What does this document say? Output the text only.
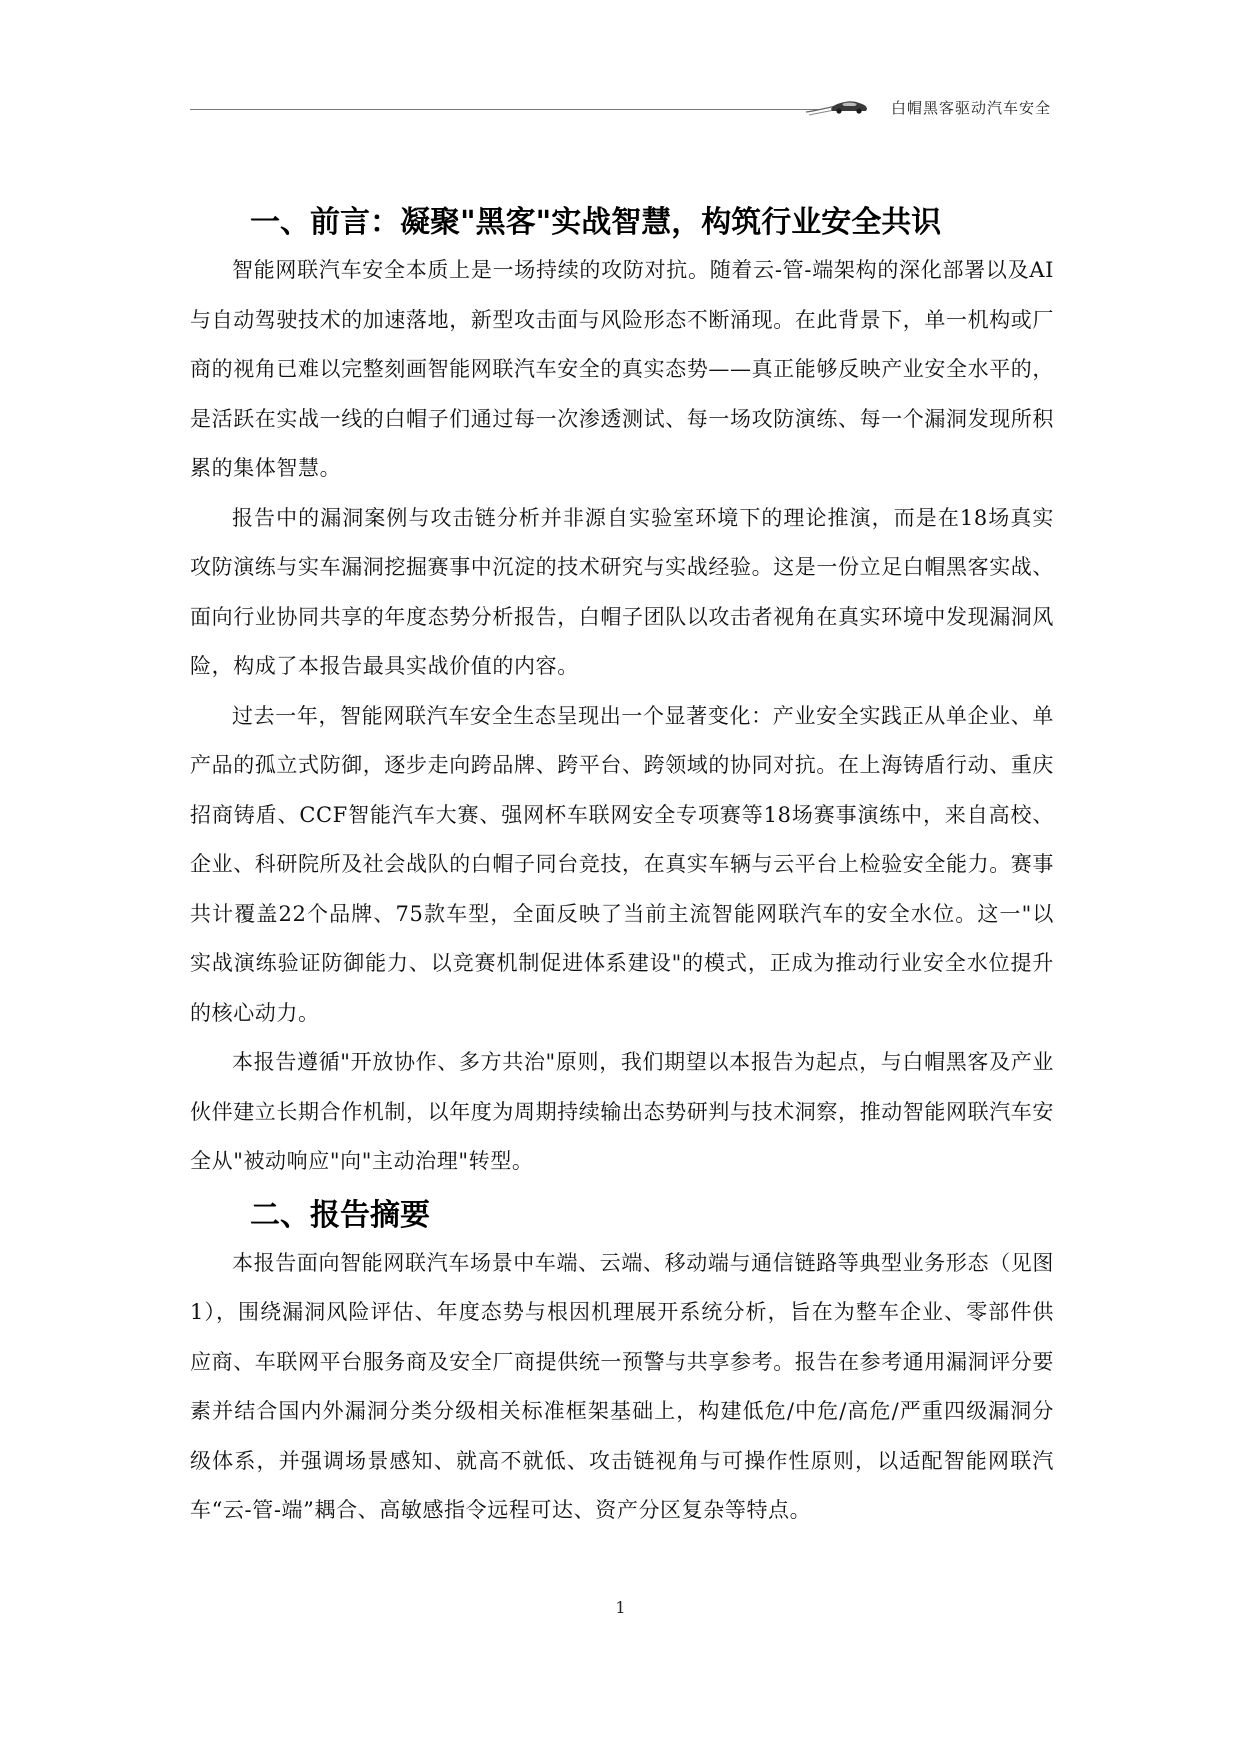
白帽黑客驱动汽车安全
一、前言：凝聚"黑客"实战智慧，构筑行业安全共识

智能网联汽车安全本质上是一场持续的攻防对抗。随着云-管-端架构的深化部署以及AI与自动驾驶技术的加速落地，新型攻击面与风险形态不断涌现。在此背景下，单一机构或厂商的视角已难以完整刻画智能网联汽车安全的真实态势——真正能够反映产业安全水平的，是活跃在实战一线的白帽子们通过每一次渗透测试、每一场攻防演练、每一个漏洞发现所积累的集体智慧。

报告中的漏洞案例与攻击链分析并非源自实验室环境下的理论推演，而是在18场真实攻防演练与实车漏洞挖掘赛事中沉淀的技术研究与实战经验。这是一份立足白帽黑客实战、面向行业协同共享的年度态势分析报告，白帽子团队以攻击者视角在真实环境中发现漏洞风险，构成了本报告最具实战价值的内容。

过去一年，智能网联汽车安全生态呈现出一个显著变化：产业安全实践正从单企业、单产品的孤立式防御，逐步走向跨品牌、跨平台、跨领域的协同对抗。在上海铸盾行动、重庆招商铸盾、CCF智能汽车大赛、强网杯车联网安全专项赛等18场赛事演练中，来自高校、企业、科研院所及社会战队的白帽子同台竞技，在真实车辆与云平台上检验安全能力。赛事共计覆盖22个品牌、75款车型，全面反映了当前主流智能网联汽车的安全水位。这一"以实战演练验证防御能力、以竞赛机制促进体系建设"的模式，正成为推动行业安全水位提升的核心动力。

本报告遵循"开放协作、多方共治"原则，我们期望以本报告为起点，与白帽黑客及产业伙伴建立长期合作机制，以年度为周期持续输出态势研判与技术洞察，推动智能网联汽车安全从"被动响应"向"主动治理"转型。

二、报告摘要

本报告面向智能网联汽车场景中车端、云端、移动端与通信链路等典型业务形态（见图 1），围绕漏洞风险评估、年度态势与根因机理展开系统分析，旨在为整车企业、零部件供应商、车联网平台服务商及安全厂商提供统一预警与共享参考。报告在参考通用漏洞评分要素并结合国内外漏洞分类分级相关标准框架基础上，构建低危/中危/高危/严重四级漏洞分级体系，并强调场景感知、就高不就低、攻击链视角与可操作性原则，以适配智能网联汽车“云-管-端”耦合、高敏感指令远程可达、资产分区复杂等特点。

1
